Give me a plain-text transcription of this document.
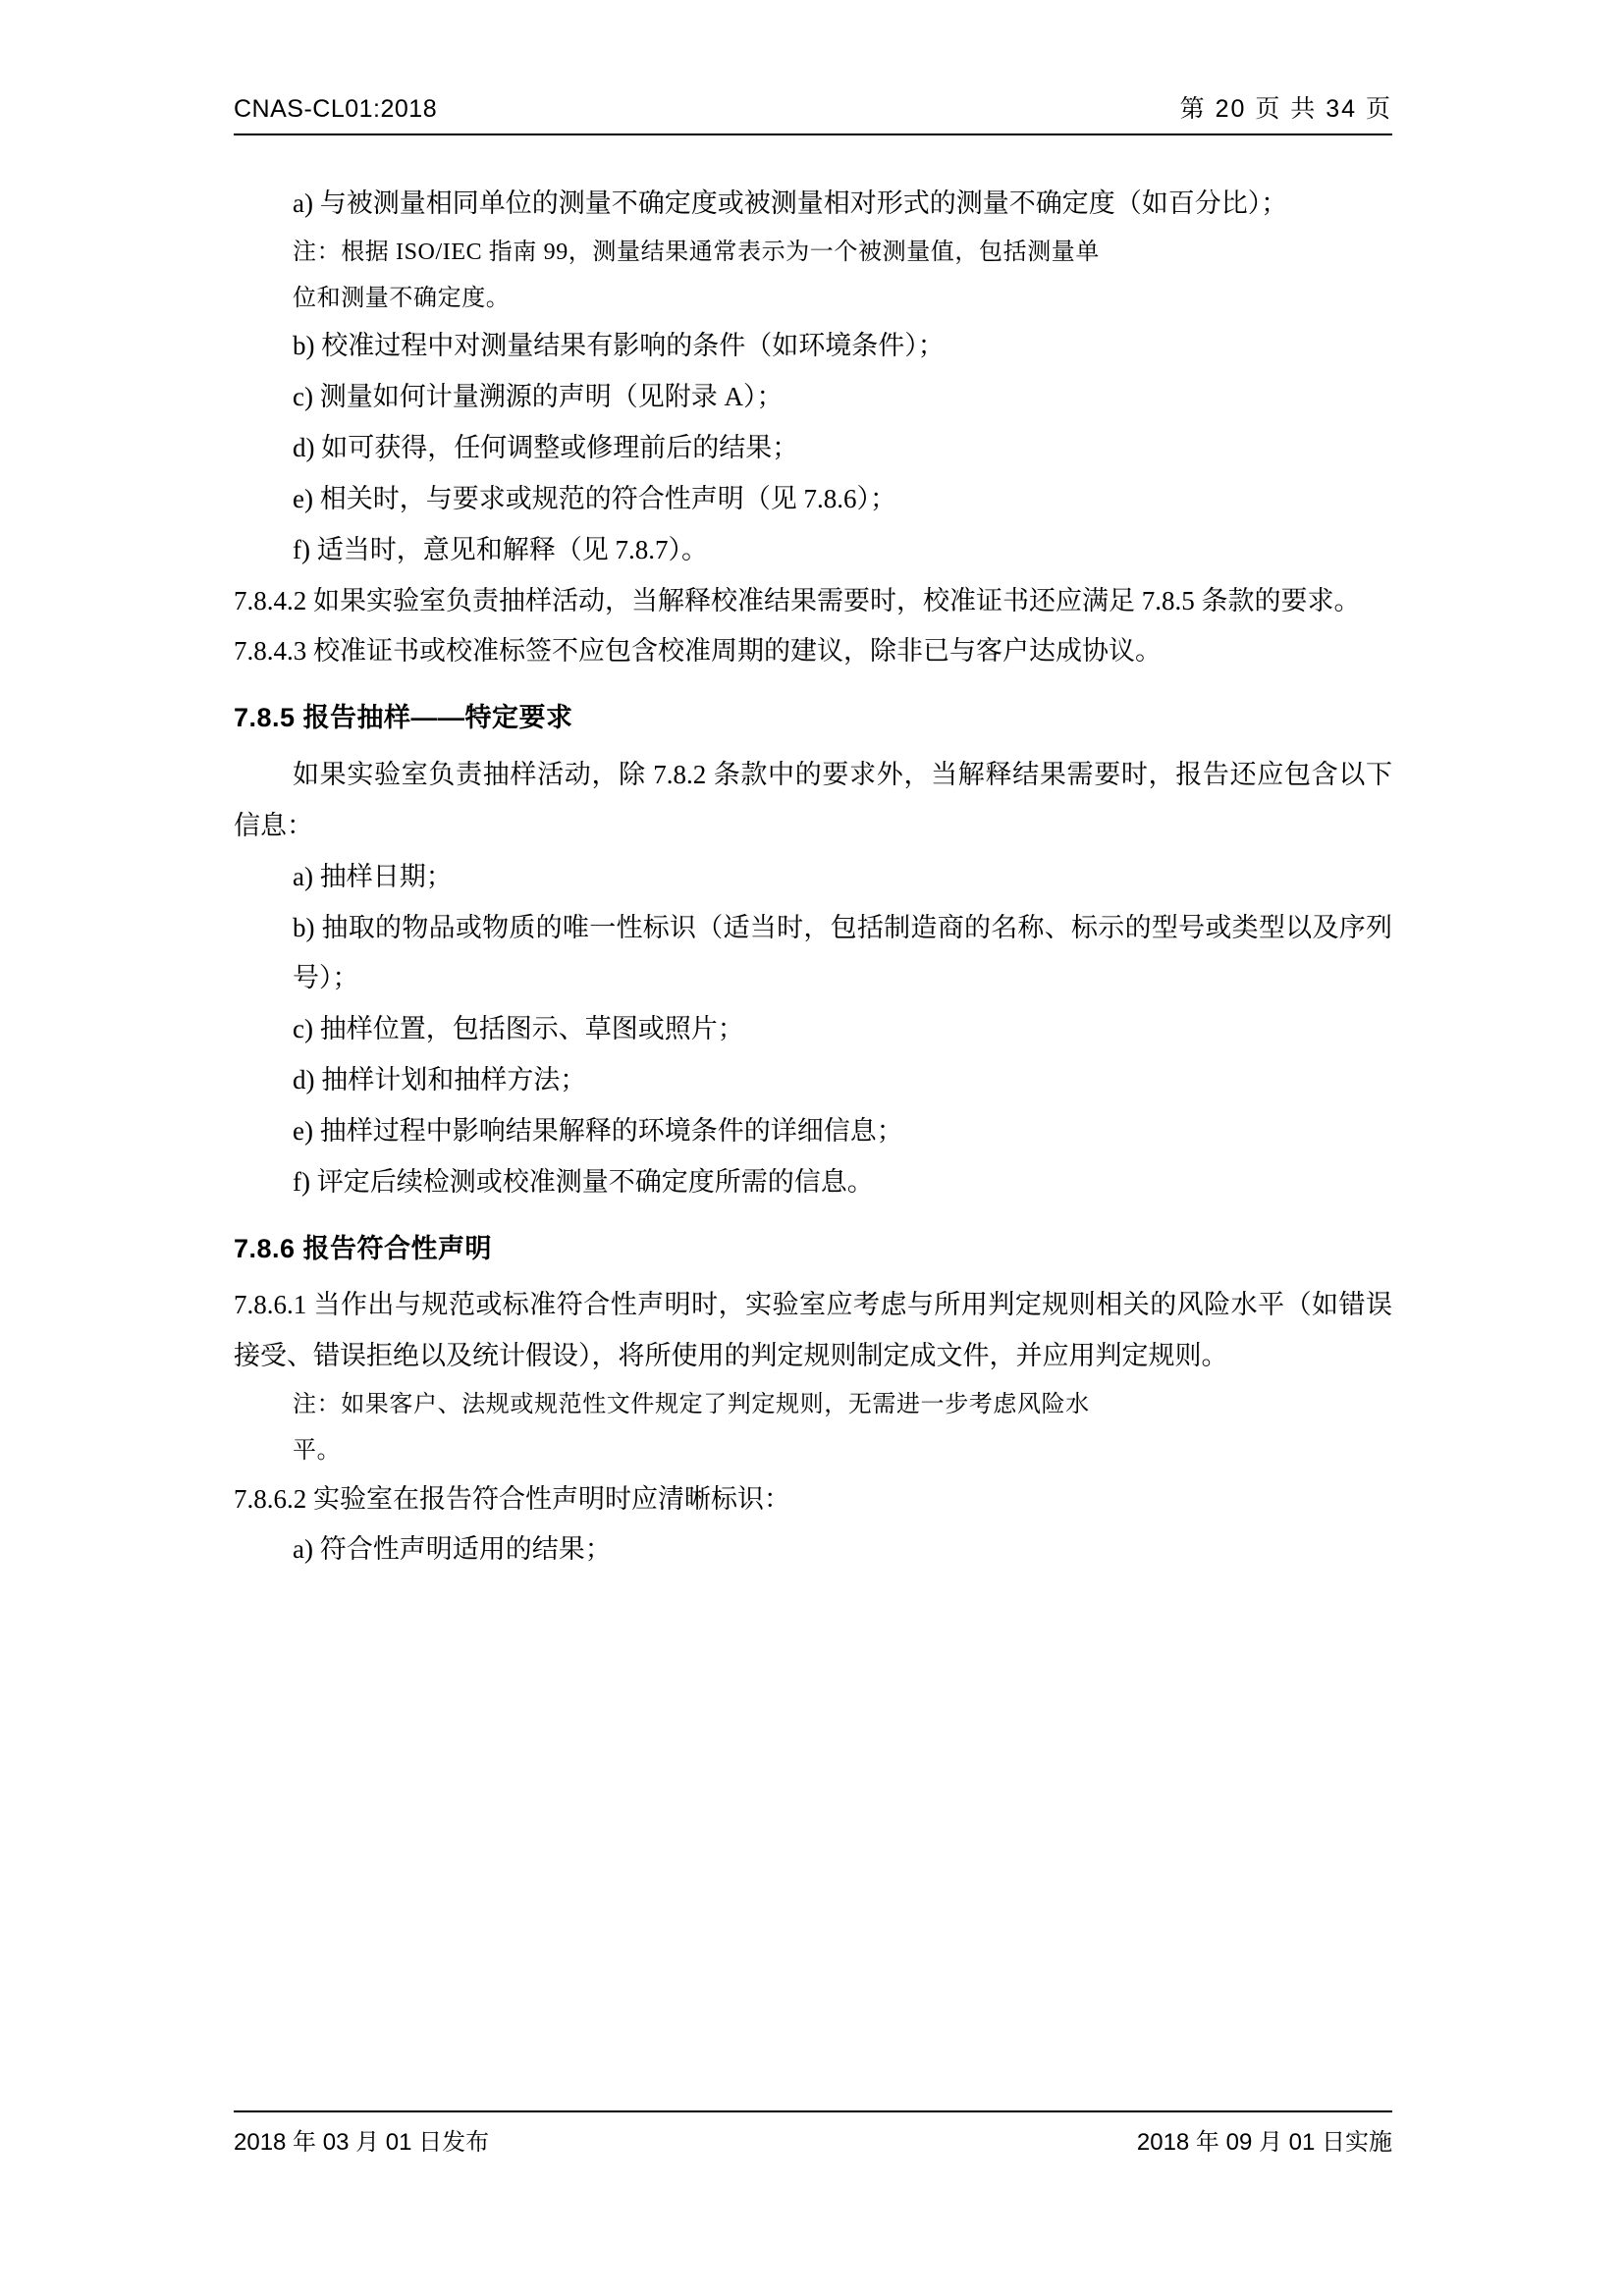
CNAS-CL01:2018	第 20 页 共 34 页

a) 与被测量相同单位的测量不确定度或被测量相对形式的测量不确定度（如百分比）；

注：根据 ISO/IEC 指南 99，测量结果通常表示为一个被测量值，包括测量单
位和测量不确定度。

b) 校准过程中对测量结果有影响的条件（如环境条件）；

c) 测量如何计量溯源的声明（见附录 A）；

d) 如可获得，任何调整或修理前后的结果；

e) 相关时，与要求或规范的符合性声明（见 7.8.6）；

f) 适当时，意见和解释（见 7.8.7）。

7.8.4.2 如果实验室负责抽样活动，当解释校准结果需要时，校准证书还应满足 7.8.5 条款的要求。

7.8.4.3 校准证书或校准标签不应包含校准周期的建议，除非已与客户达成协议。

7.8.5 报告抽样——特定要求

如果实验室负责抽样活动，除 7.8.2 条款中的要求外，当解释结果需要时，报告还应包含以下信息：

a) 抽样日期；

b) 抽取的物品或物质的唯一性标识（适当时，包括制造商的名称、标示的型号或类型以及序列号）；

c) 抽样位置，包括图示、草图或照片；

d) 抽样计划和抽样方法；

e) 抽样过程中影响结果解释的环境条件的详细信息；

f) 评定后续检测或校准测量不确定度所需的信息。

7.8.6 报告符合性声明

7.8.6.1 当作出与规范或标准符合性声明时，实验室应考虑与所用判定规则相关的风险水平（如错误接受、错误拒绝以及统计假设），将所使用的判定规则制定成文件，并应用判定规则。

注：如果客户、法规或规范性文件规定了判定规则，无需进一步考虑风险水
平。

7.8.6.2 实验室在报告符合性声明时应清晰标识：

a) 符合性声明适用的结果；

2018 年 03 月 01 日发布	2018 年 09 月 01 日实施
